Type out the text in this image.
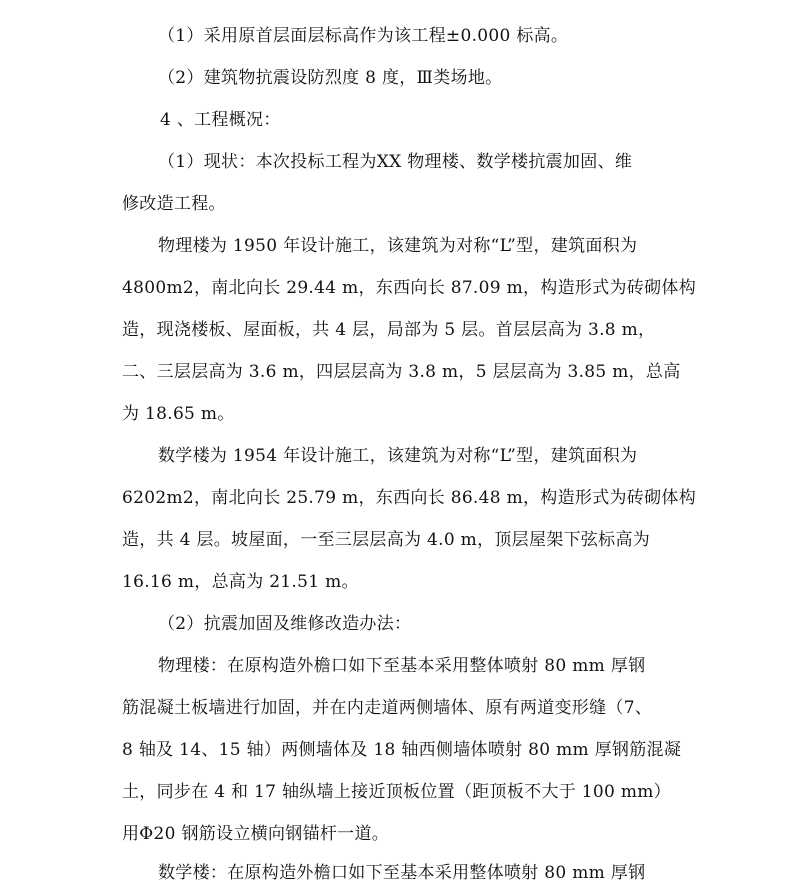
（1）采用原首层面层标高作为该工程±0.000 标高。
（2）建筑物抗震设防烈度 8 度，Ⅲ类场地。
4 、工程概况：
（1）现状：本次投标工程为XX 物理楼、数学楼抗震加固、维
修改造工程。
物理楼为 1950 年设计施工，该建筑为对称“L”型，建筑面积为
4800m2，南北向长 29.44 m，东西向长 87.09 m，构造形式为砖砌体构
造，现浇楼板、屋面板，共 4 层，局部为 5 层。首层层高为 3.8 m，
二、三层层高为 3.6 m，四层层高为 3.8 m，5 层层高为 3.85 m，总高
为 18.65 m。
数学楼为 1954 年设计施工，该建筑为对称“L”型，建筑面积为
6202m2，南北向长 25.79 m，东西向长 86.48 m，构造形式为砖砌体构
造，共 4 层。坡屋面，一至三层层高为 4.0 m，顶层屋架下弦标高为
16.16 m，总高为 21.51 m。
（2）抗震加固及维修改造办法：
物理楼：在原构造外檐口如下至基本采用整体喷射 80 mm 厚钢
筋混凝土板墙进行加固，并在内走道两侧墙体、原有两道变形缝（7、
8 轴及 14、15 轴）两侧墙体及 18 轴西侧墙体喷射 80 mm 厚钢筋混凝
土，同步在 4 和 17 轴纵墙上接近顶板位置（距顶板不大于 100 mm）
用Φ20 钢筋设立横向钢锚杆一道。
数学楼：在原构造外檐口如下至基本采用整体喷射 80 mm 厚钢
